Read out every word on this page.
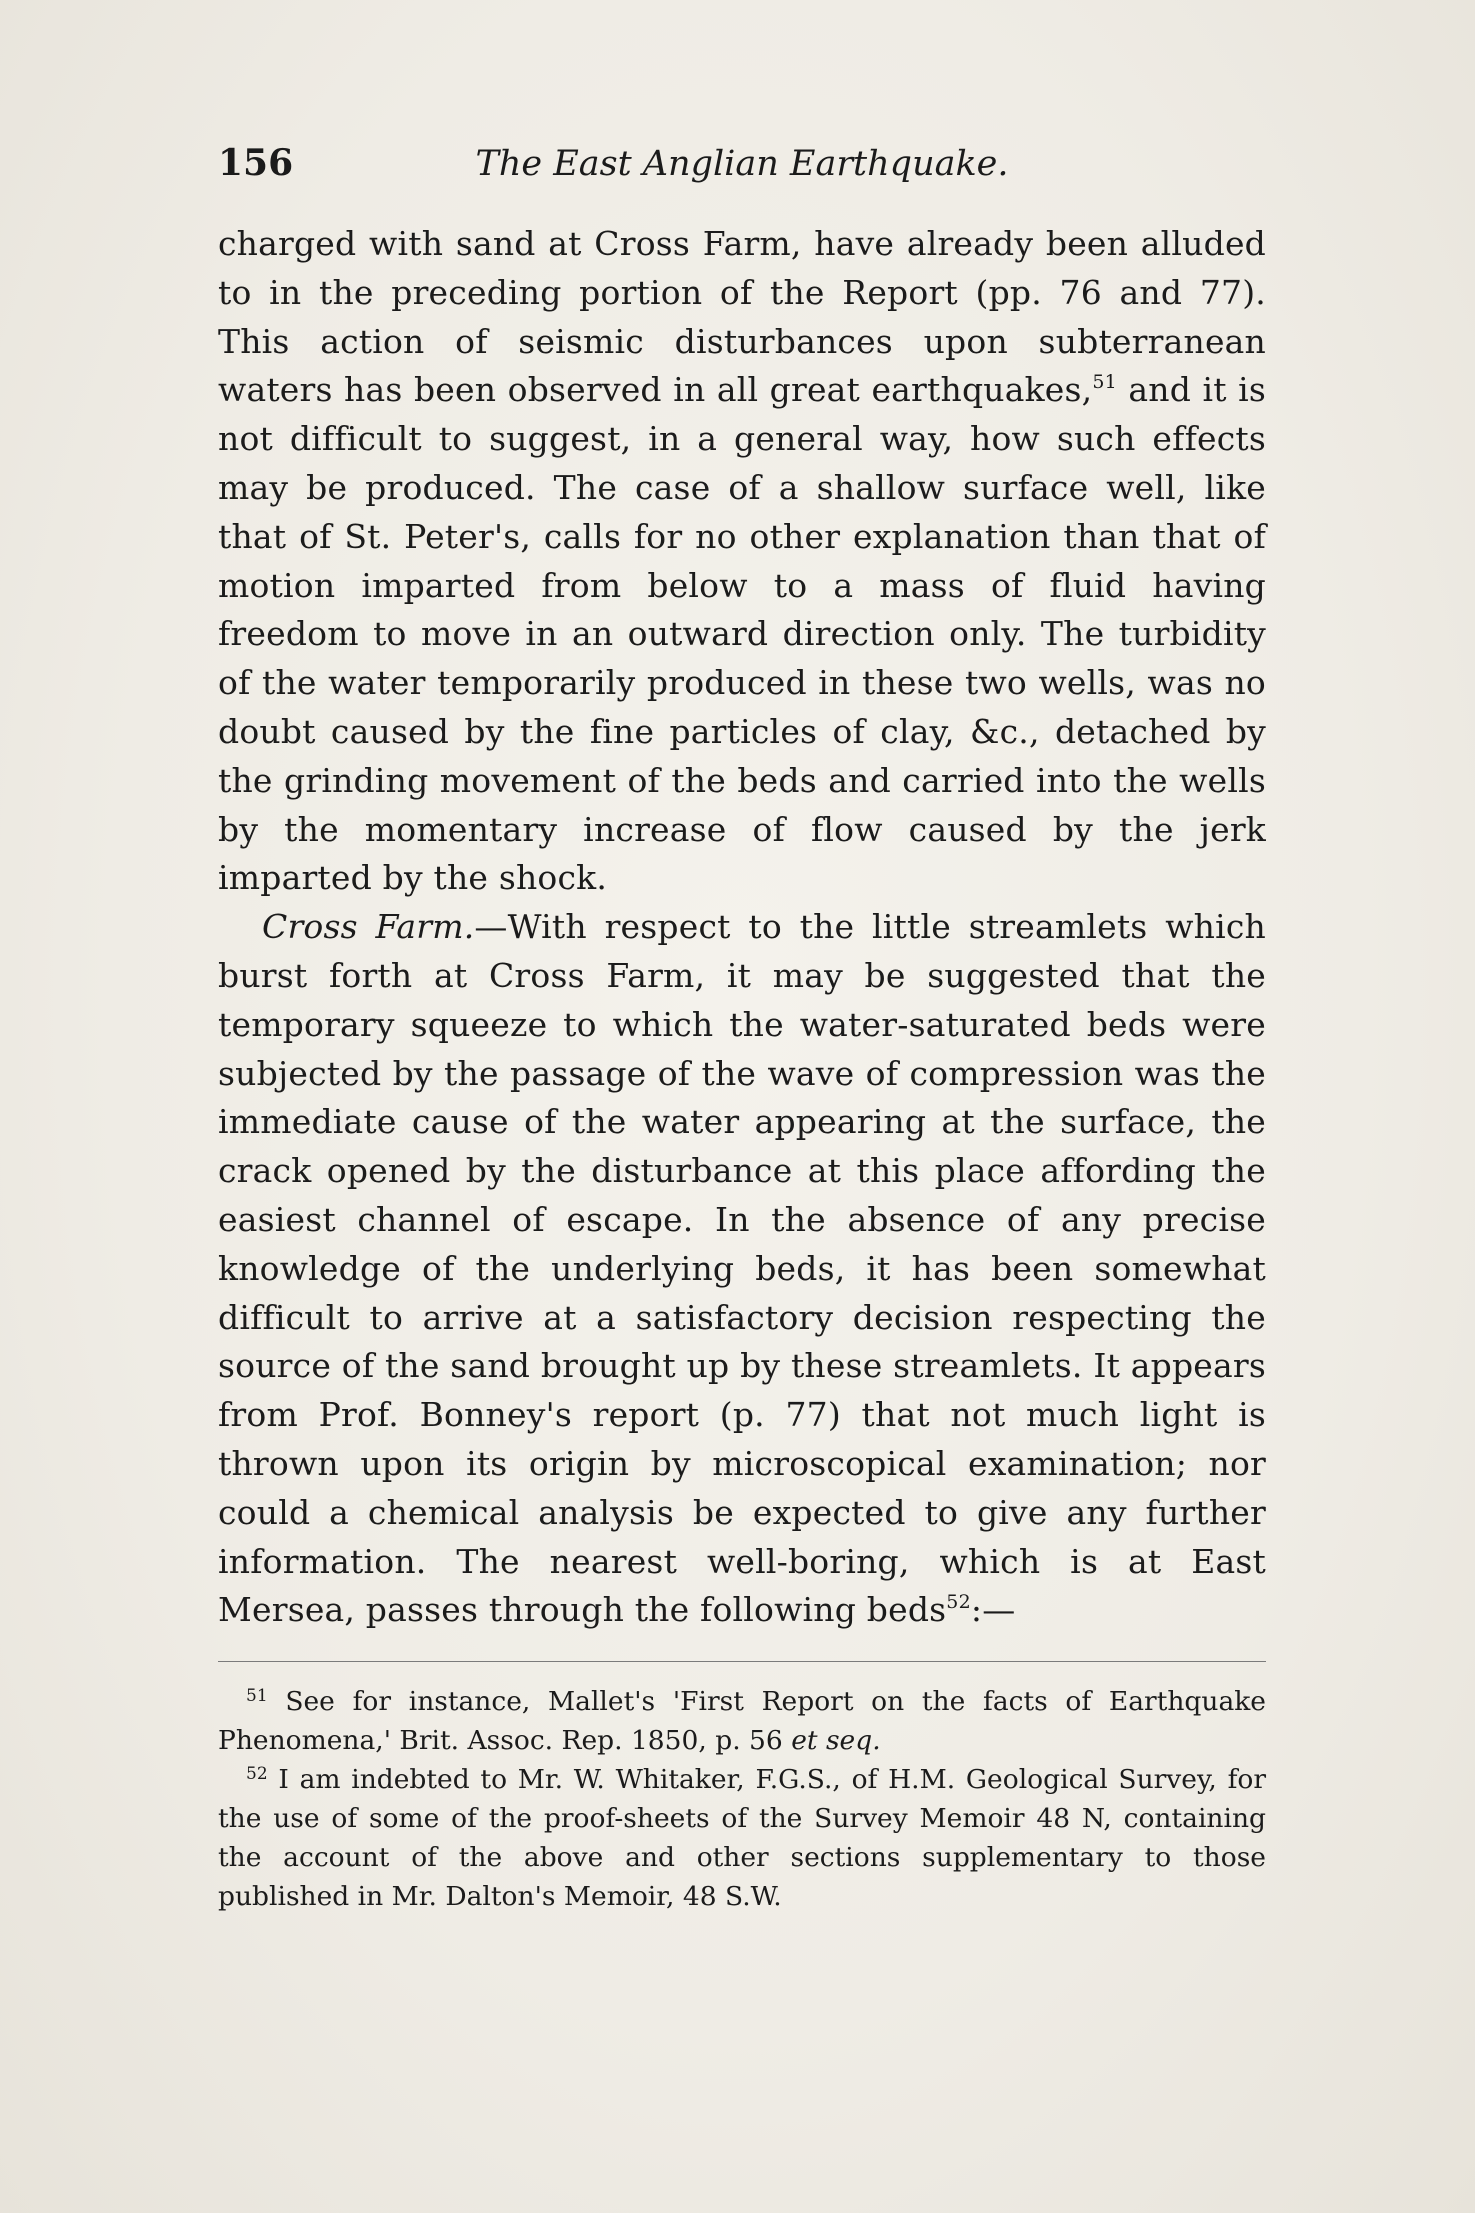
156	The East Anglian Earthquake.

charged with sand at Cross Farm, have already been alluded to in the preceding portion of the Report (pp. 76 and 77). This action of seismic disturbances upon subterranean waters has been observed in all great earthquakes,$^{51}$ and it is not difficult to suggest, in a general way, how such effects may be produced. The case of a shallow surface well, like that of St. Peter's, calls for no other explanation than that of motion imparted from below to a mass of fluid having freedom to move in an outward direction only. The turbidity of the water temporarily produced in these two wells, was no doubt caused by the fine particles of clay, &c., detached by the grinding movement of the beds and carried into the wells by the momentary increase of flow caused by the jerk imparted by the shock.

Cross Farm.—With respect to the little streamlets which burst forth at Cross Farm, it may be suggested that the temporary squeeze to which the water-saturated beds were subjected by the passage of the wave of compression was the immediate cause of the water appearing at the surface, the crack opened by the disturbance at this place affording the easiest channel of escape. In the absence of any precise knowledge of the underlying beds, it has been somewhat difficult to arrive at a satisfactory decision respecting the source of the sand brought up by these streamlets. It appears from Prof. Bonney's report (p. 77) that not much light is thrown upon its origin by microscopical examination; nor could a chemical analysis be expected to give any further information. The nearest well-boring, which is at East Mersea, passes through the following beds$^{52}$:—

$^{51}$ See for instance, Mallet's 'First Report on the facts of Earthquake Phenomena,' Brit. Assoc. Rep. 1850, p. 56 et seq.

$^{52}$ I am indebted to Mr. W. Whitaker, F.G.S., of H.M. Geological Survey, for the use of some of the proof-sheets of the Survey Memoir 48 N, containing the account of the above and other sections supplementary to those published in Mr. Dalton's Memoir, 48 S.W.
